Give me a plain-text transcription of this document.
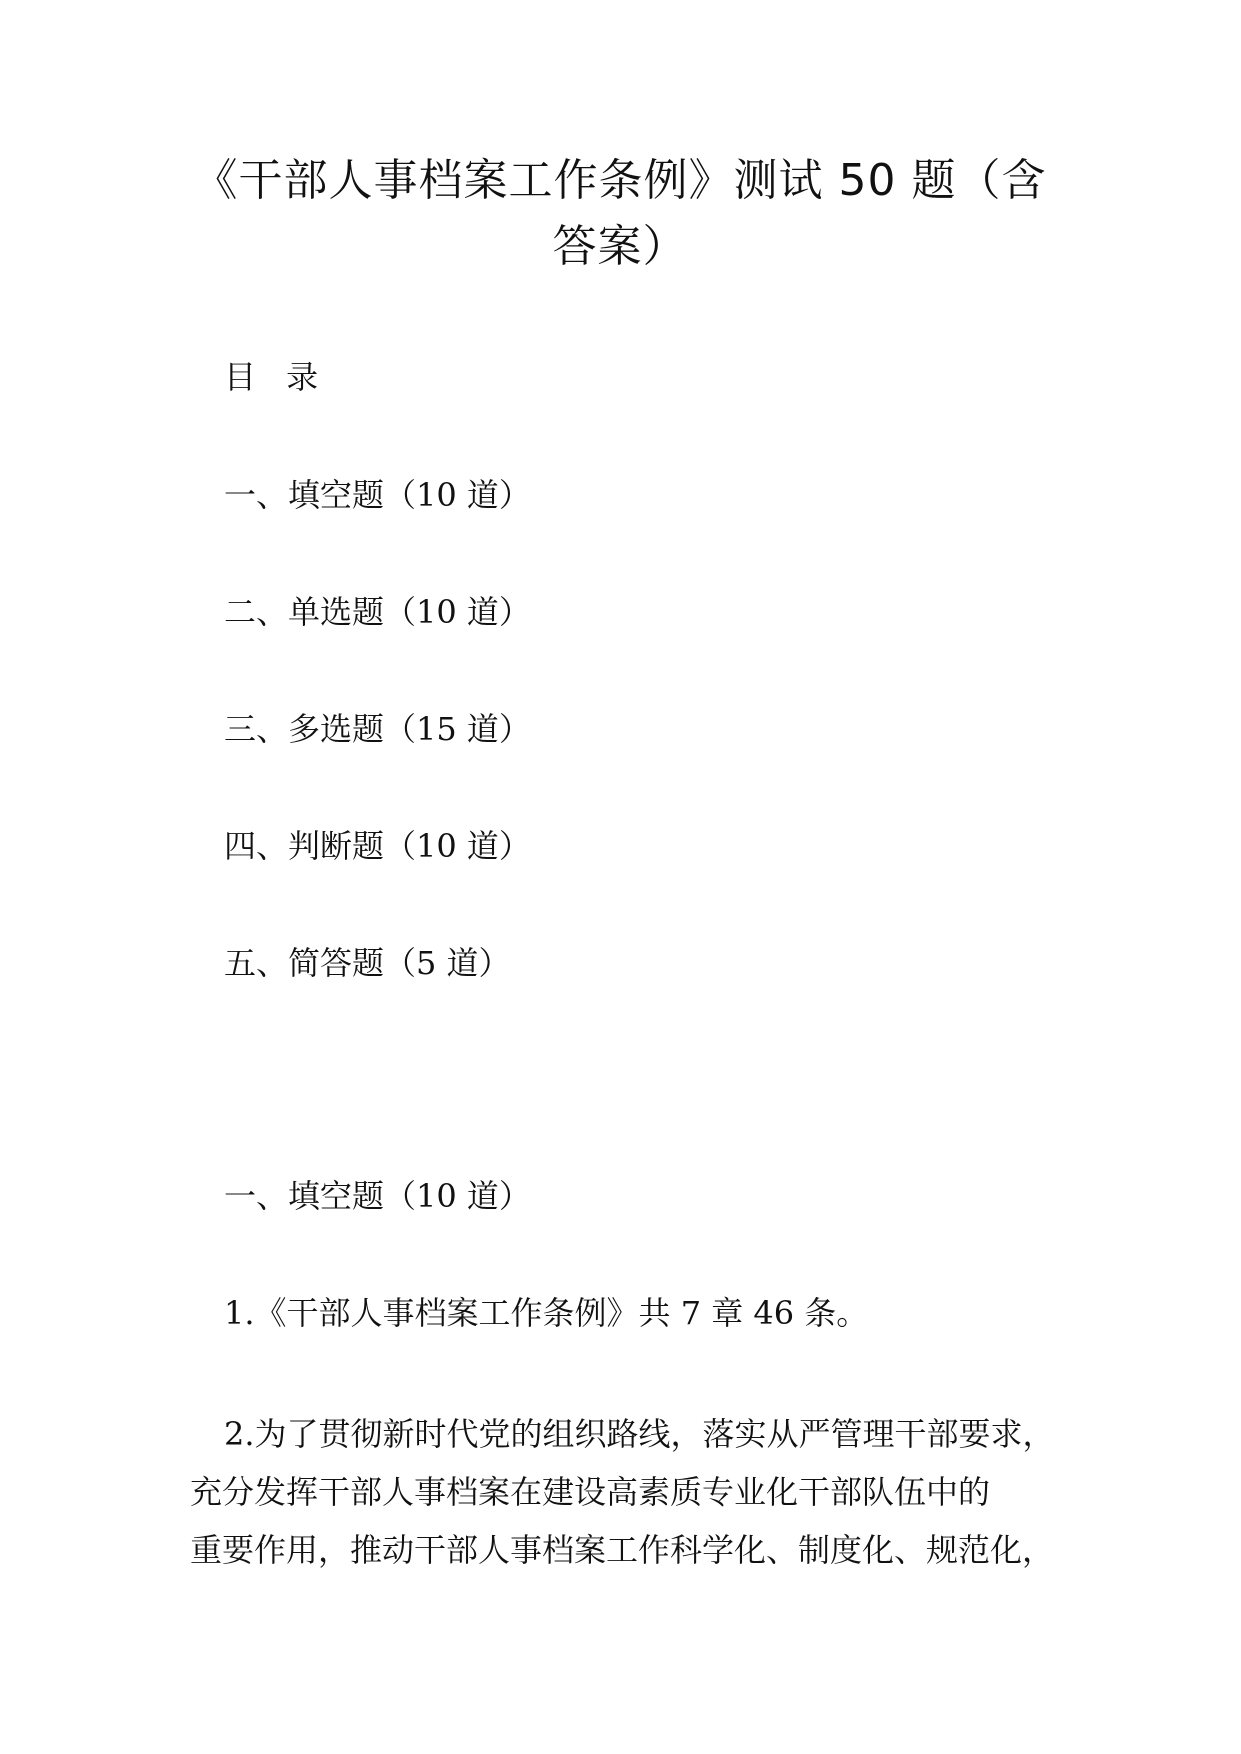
《干部人事档案工作条例》测试 50 题（含
答案）
目 录
一、填空题（10 道）
二、单选题（10 道）
三、多选题（15 道）
四、判断题（10 道）
五、简答题（5 道）
一、填空题（10 道）
1.《干部人事档案工作条例》共 7 章 46 条。
2.为了贯彻新时代党的组织路线，落实从严管理干部要求，
充分发挥干部人事档案在建设高素质专业化干部队伍中的
重要作用，推动干部人事档案工作科学化、制度化、规范化，
